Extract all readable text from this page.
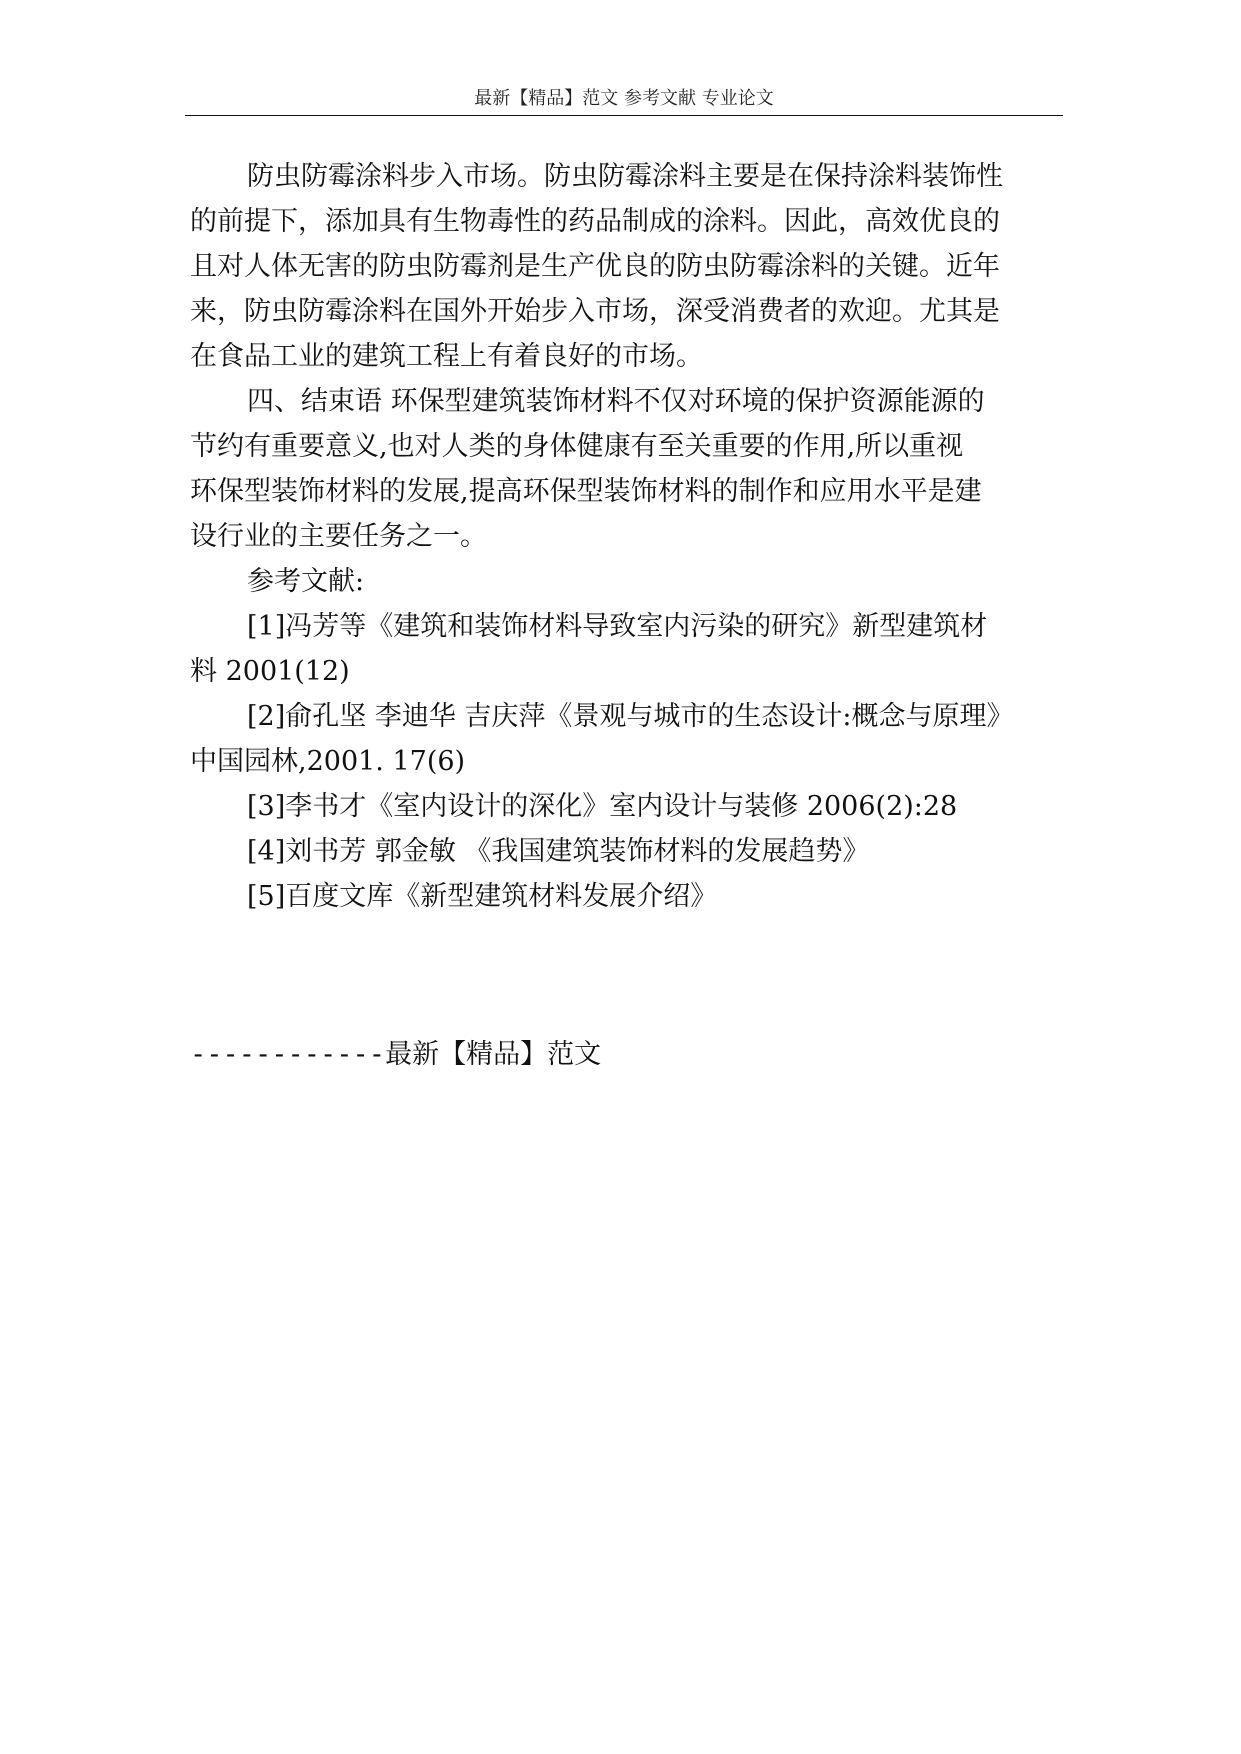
最新【精品】范文 参考文献 专业论文

防虫防霉涂料步入市场。防虫防霉涂料主要是在保持涂料装饰性
的前提下，添加具有生物毒性的药品制成的涂料。因此，高效优良的
且对人体无害的防虫防霉剂是生产优良的防虫防霉涂料的关键。近年
来，防虫防霉涂料在国外开始步入市场，深受消费者的欢迎。尤其是
在食品工业的建筑工程上有着良好的市场。

四、结束语 环保型建筑装饰材料不仅对环境的保护资源能源的
节约有重要意义,也对人类的身体健康有至关重要的作用,所以重视
环保型装饰材料的发展,提高环保型装饰材料的制作和应用水平是建
设行业的主要任务之一。

参考文献:

[1]冯芳等《建筑和装饰材料导致室内污染的研究》新型建筑材
料 2001(12)

[2]俞孔坚 李迪华 吉庆萍《景观与城市的生态设计:概念与原理》
中国园林,2001. 17(6)

[3]李书才《室内设计的深化》室内设计与装修 2006(2):28

[4]刘书芳 郭金敏 《我国建筑装饰材料的发展趋势》

[5]百度文库《新型建筑材料发展介绍》

------------最新【精品】范文
